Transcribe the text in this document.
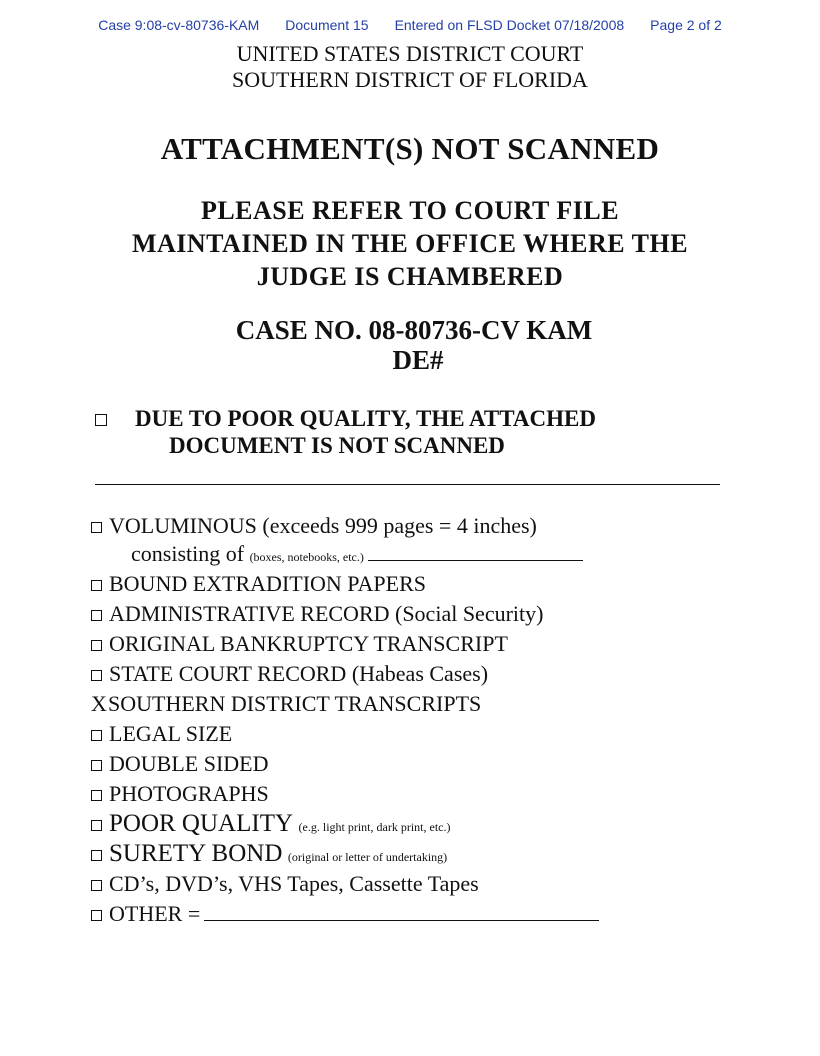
Case 9:08-cv-80736-KAM Document 15 Entered on FLSD Docket 07/18/2008 Page 2 of 2
UNITED STATES DISTRICT COURT
SOUTHERN DISTRICT OF FLORIDA
ATTACHMENT(S) NOT SCANNED
PLEASE REFER TO COURT FILE
MAINTAINED IN THE OFFICE WHERE THE
JUDGE IS CHAMBERED
CASE NO. 08-80736-CV KAM
DE#
DUE TO POOR QUALITY, THE ATTACHED
DOCUMENT IS NOT SCANNED
VOLUMINOUS (exceeds 999 pages = 4 inches)
consisting of (boxes, notebooks, etc.)
BOUND EXTRADITION PAPERS
ADMINISTRATIVE RECORD (Social Security)
ORIGINAL BANKRUPTCY TRANSCRIPT
STATE COURT RECORD (Habeas Cases)
XSOUTHERN DISTRICT TRANSCRIPTS
LEGAL SIZE
DOUBLE SIDED
PHOTOGRAPHS
POOR QUALITY (e.g. light print, dark print, etc.)
SURETY BOND (original or letter of undertaking)
CD’s, DVD’s, VHS Tapes, Cassette Tapes
OTHER =
